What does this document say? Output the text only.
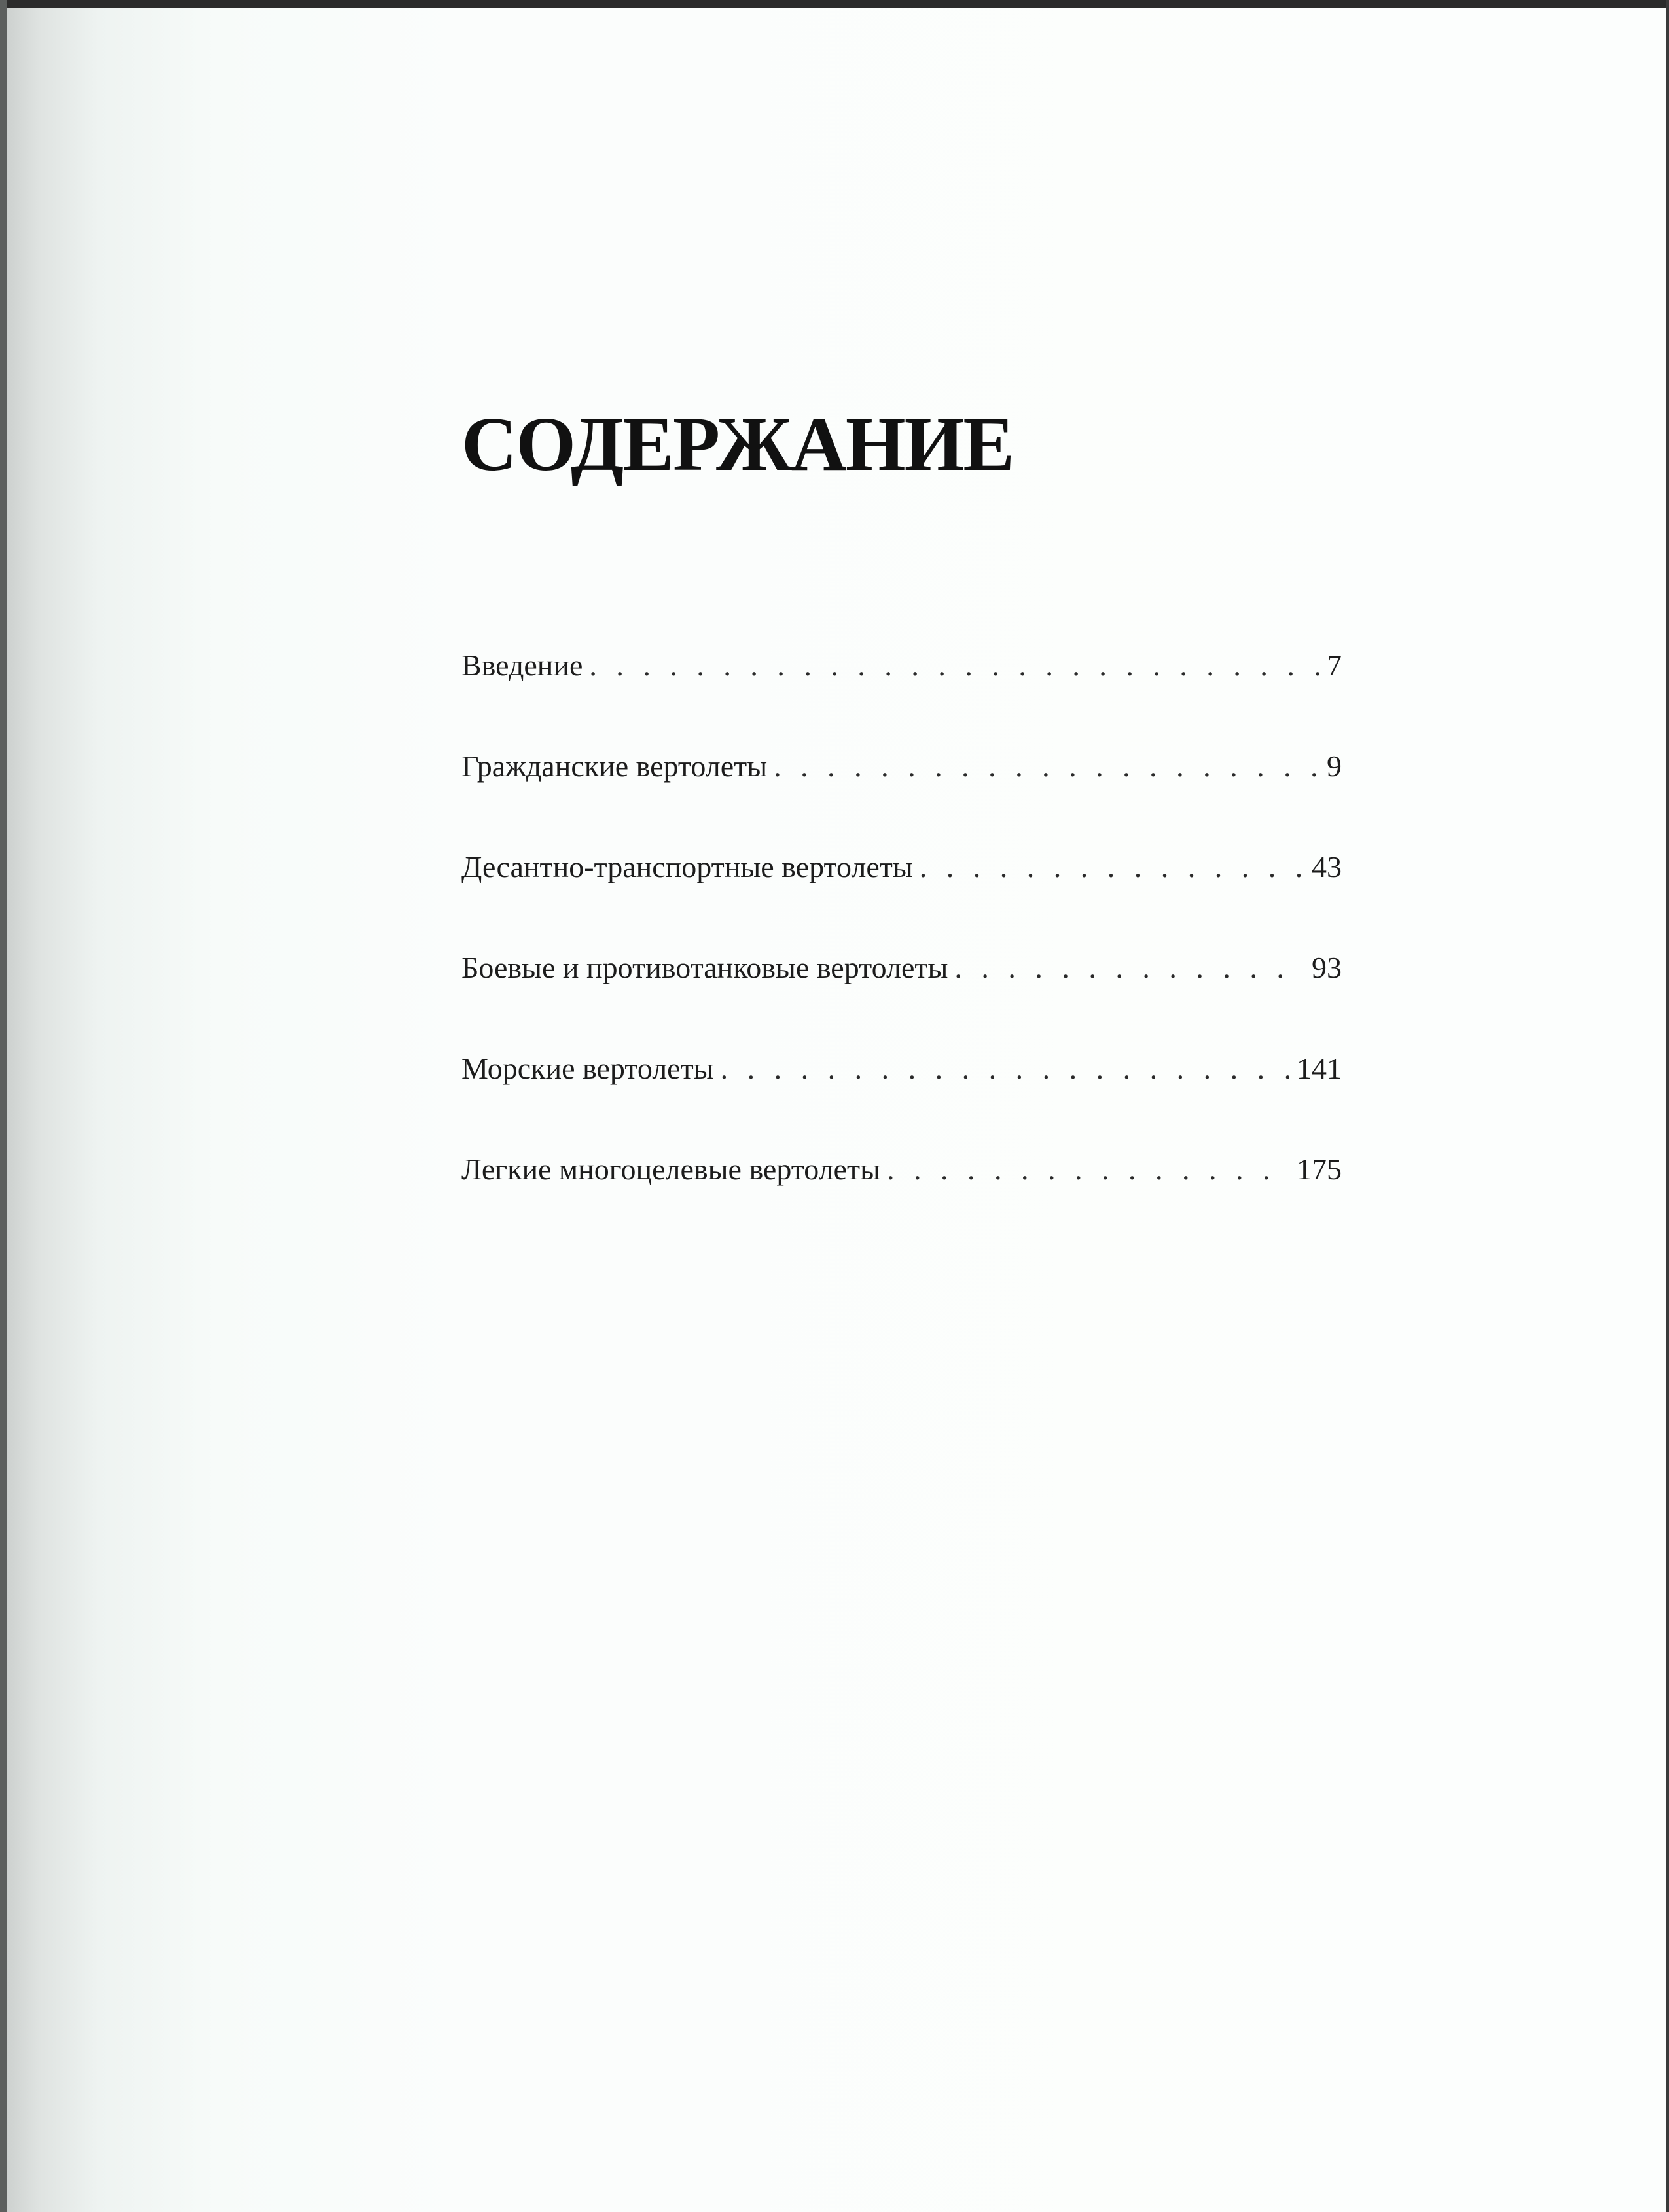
СОДЕРЖАНИЕ
Введение . . .	7
Гражданские вертолеты . . .	9
Десантно-транспортные вертолеты . . .	43
Боевые и противотанковые вертолеты . . .	93
Морские вертолеты . . .	141
Легкие многоцелевые вертолеты . . .	175
